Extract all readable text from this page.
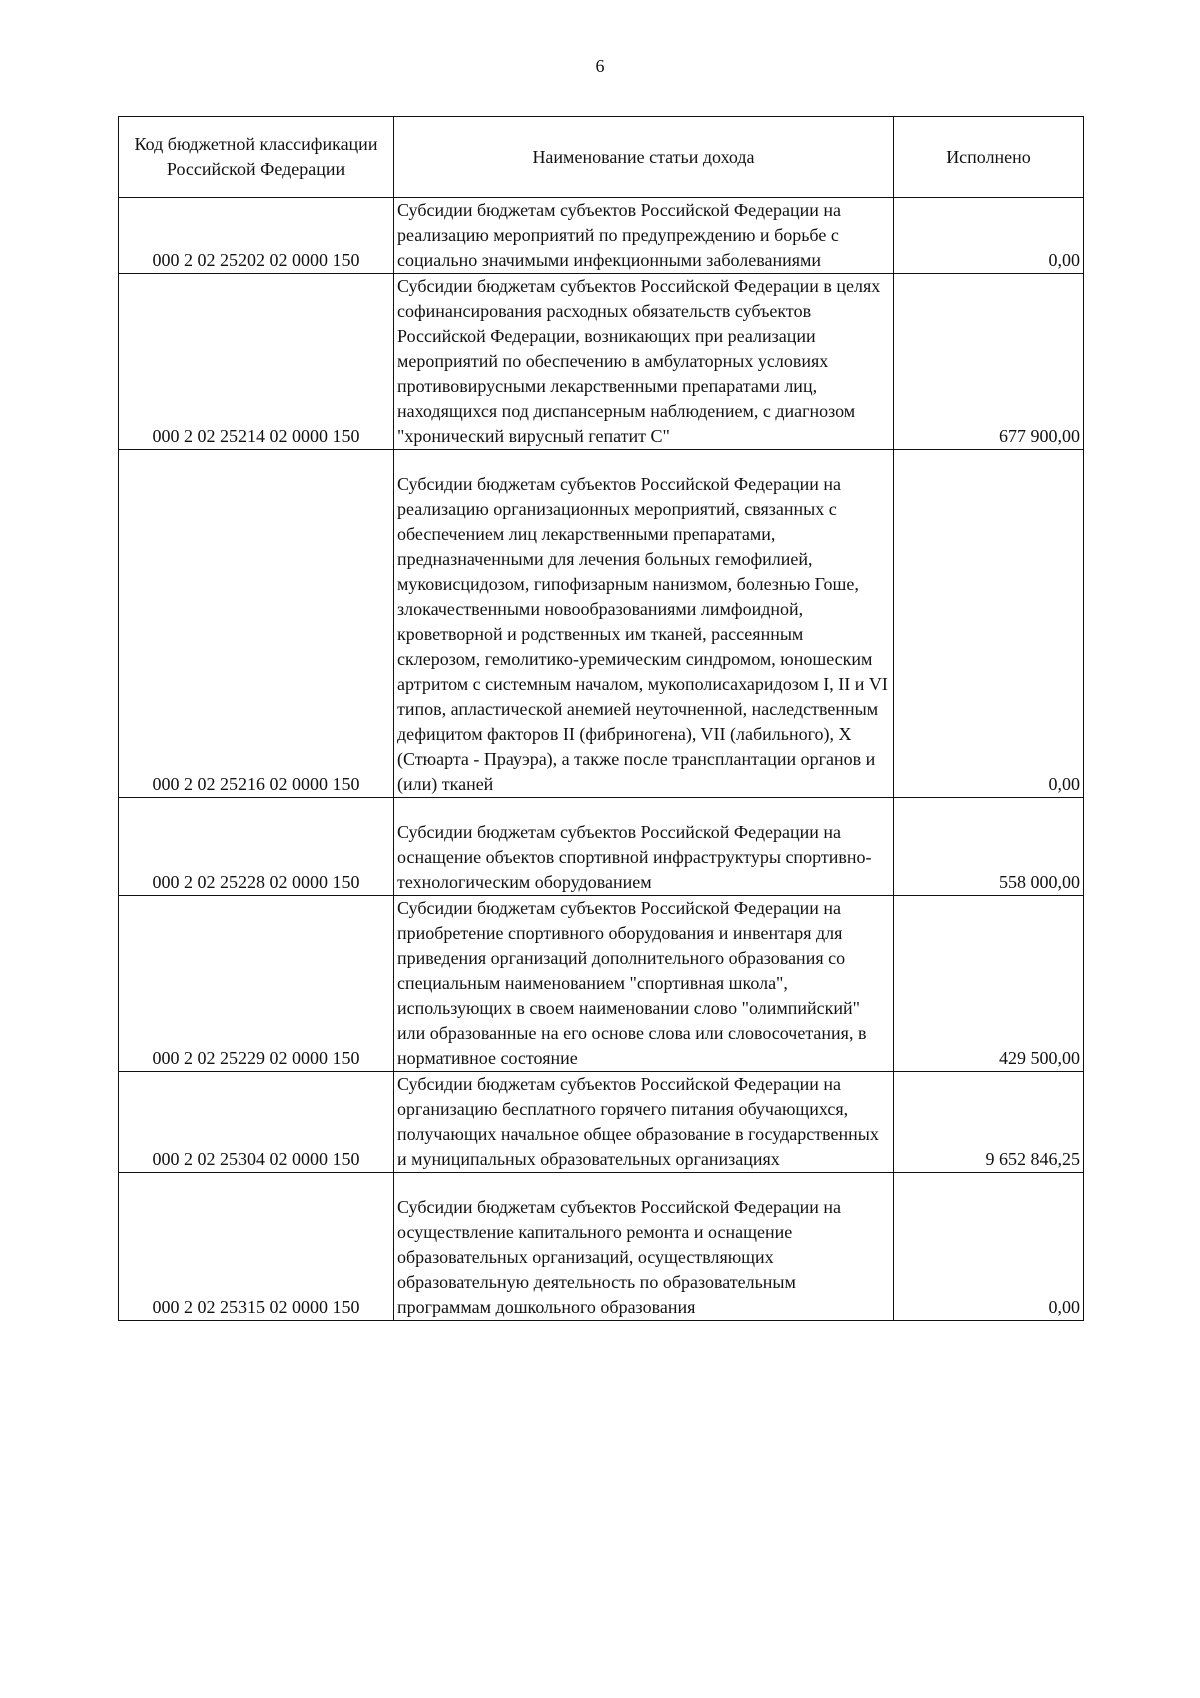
6
Код бюджетной классификации Российской Федерации	Наименование статьи дохода	Исполнено
000 2 02 25202 02 0000 150	Субсидии бюджетам субъектов Российской Федерации на реализацию мероприятий по предупреждению и борьбе с социально значимыми инфекционными заболеваниями	0,00
000 2 02 25214 02 0000 150	Субсидии бюджетам субъектов Российской Федерации в целях софинансирования расходных обязательств субъектов Российской Федерации, возникающих при реализации мероприятий по обеспечению в амбулаторных условиях противовирусными лекарственными препаратами лиц, находящихся под диспансерным наблюдением, с диагнозом "хронический вирусный гепатит С"	677 900,00
000 2 02 25216 02 0000 150	Субсидии бюджетам субъектов Российской Федерации на реализацию организационных мероприятий, связанных с обеспечением лиц лекарственными препаратами, предназначенными для лечения больных гемофилией, муковисцидозом, гипофизарным нанизмом, болезнью Гоше, злокачественными новообразованиями лимфоидной, кроветворной и родственных им тканей, рассеянным склерозом, гемолитико-уремическим синдромом, юношеским артритом с системным началом, мукополисахаридозом I, II и VI типов, апластической анемией неуточненной, наследственным дефицитом факторов II (фибриногена), VII (лабильного), X (Стюарта - Прауэра), а также после трансплантации органов и (или) тканей	0,00
000 2 02 25228 02 0000 150	Субсидии бюджетам субъектов Российской Федерации на оснащение объектов спортивной инфраструктуры спортивно-технологическим оборудованием	558 000,00
000 2 02 25229 02 0000 150	Субсидии бюджетам субъектов Российской Федерации на приобретение спортивного оборудования и инвентаря для приведения организаций дополнительного образования со специальным наименованием "спортивная школа", использующих в своем наименовании слово "олимпийский" или образованные на его основе слова или словосочетания, в нормативное состояние	429 500,00
000 2 02 25304 02 0000 150	Субсидии бюджетам субъектов Российской Федерации на организацию бесплатного горячего питания обучающихся, получающих начальное общее образование в государственных и муниципальных образовательных организациях	9 652 846,25
000 2 02 25315 02 0000 150	Субсидии бюджетам субъектов Российской Федерации на осуществление капитального ремонта и оснащение образовательных организаций, осуществляющих образовательную деятельность по образовательным программам дошкольного образования	0,00
